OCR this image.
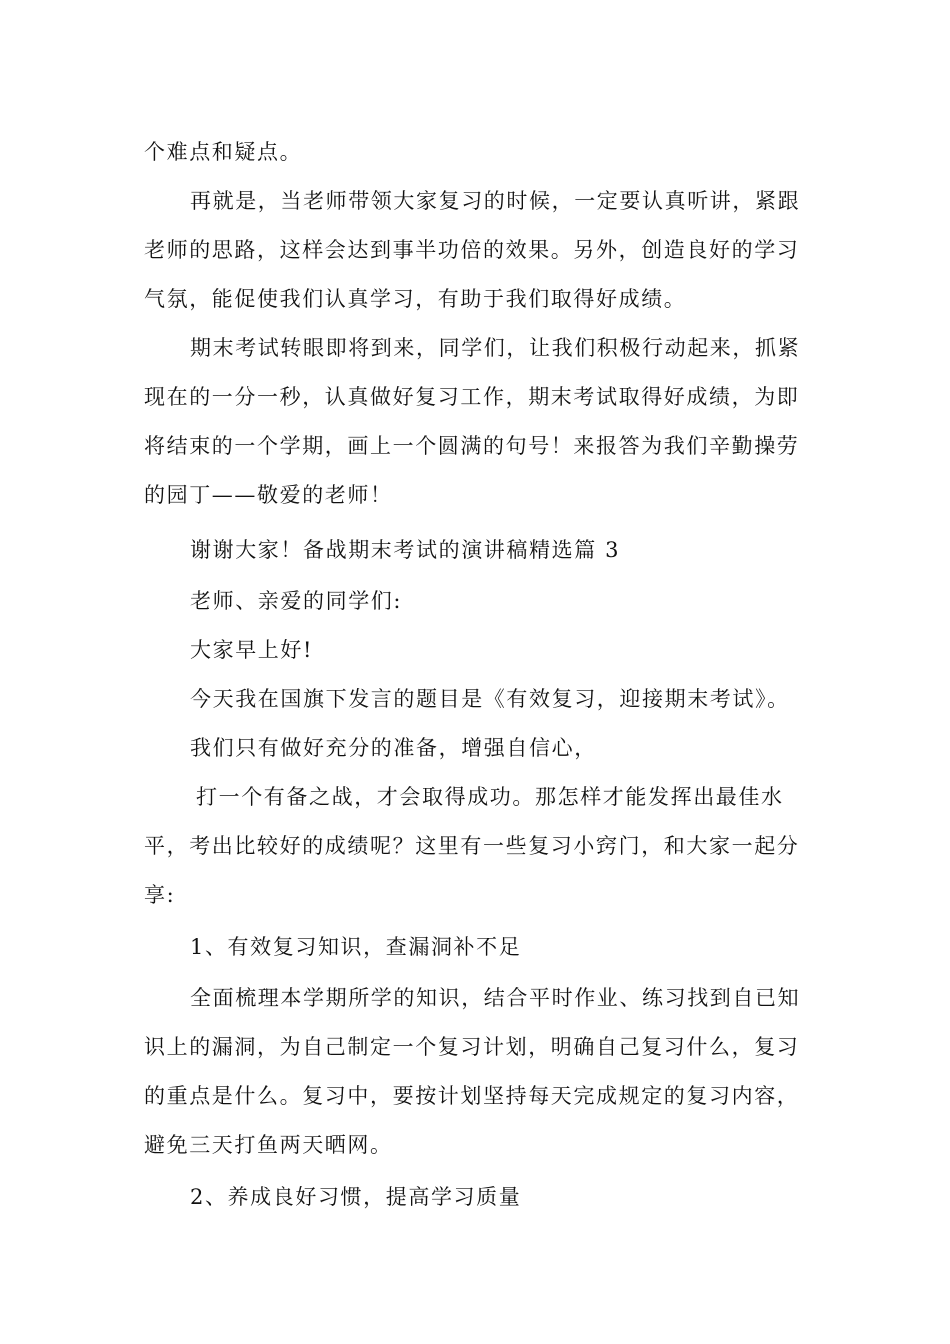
个难点和疑点。
再就是，当老师带领大家复习的时候，一定要认真听讲，紧跟
老师的思路，这样会达到事半功倍的效果。另外，创造良好的学习
气氛，能促使我们认真学习，有助于我们取得好成绩。
期末考试转眼即将到来，同学们，让我们积极行动起来，抓紧
现在的一分一秒，认真做好复习工作，期末考试取得好成绩，为即
将结束的一个学期，画上一个圆满的句号！来报答为我们辛勤操劳
的园丁——敬爱的老师！
谢谢大家！备战期末考试的演讲稿精选篇 3
老师、亲爱的同学们:
大家早上好!
今天我在国旗下发言的题目是《有效复习，迎接期末考试》。
我们只有做好充分的准备，增强自信心，
打一个有备之战，才会取得成功。那怎样才能发挥出最佳水
平，考出比较好的成绩呢？这里有一些复习小窍门，和大家一起分
享:
1、有效复习知识，查漏洞补不足
全面梳理本学期所学的知识，结合平时作业、练习找到自已知
识上的漏洞，为自己制定一个复习计划，明确自己复习什么，复习
的重点是什么。复习中，要按计划坚持每天完成规定的复习内容，
避免三天打鱼两天晒网。
2、养成良好习惯，提高学习质量
